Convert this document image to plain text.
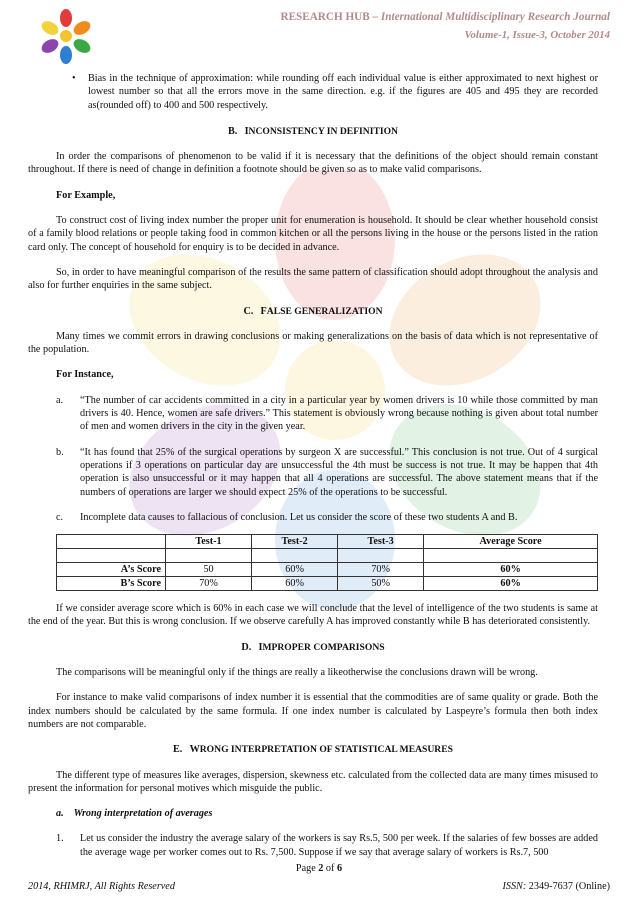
RESEARCH HUB – International Multidisciplinary Research Journal
Volume-1, Issue-3, October 2014

• Bias in the technique of approximation: while rounding off each individual value is either approximated to next highest or lowest number so that all the errors move in the same direction. e.g. if the figures are 405 and 495 they are recorded as(rounded off) to 400 and 500 respectively.

B. INCONSISTENCY IN DEFINITION

In order the comparisons of phenomenon to be valid if it is necessary that the definitions of the object should remain constant throughout. If there is need of change in definition a footnote should be given so as to make valid comparisons.

For Example,

To construct cost of living index number the proper unit for enumeration is household. It should be clear whether household consist of a family blood relations or people taking food in common kitchen or all the persons living in the house or the persons listed in the ration card only. The concept of household for enquiry is to be decided in advance.

So, in order to have meaningful comparison of the results the same pattern of classification should adopt throughout the analysis and also for further enquiries in the same subject.

C. FALSE GENERALIZATION

Many times we commit errors in drawing conclusions or making generalizations on the basis of data which is not representative of the population.

For Instance,

a. “The number of car accidents committed in a city in a particular year by women drivers is 10 while those committed by man drivers is 40. Hence, women are safe drivers.” This statement is obviously wrong because nothing is given about total number of men and women drivers in the city in the given year.

b. “It has found that 25% of the surgical operations by surgeon X are successful.” This conclusion is not true. Out of 4 surgical operations if 3 operations on particular day are unsuccessful the 4th must be success is not true. It may be happen that 4th operation is also unsuccessful or it may happen that all 4 operations are successful. The above statement means that if the numbers of operations are larger we should expect 25% of the operations to be successful.

c. Incomplete data causes to fallacious of conclusion. Let us consider the score of these two students A and B.

	Test-1	Test-2	Test-3	Average Score

A’s Score	50	60%	70%	60%
B’s Score	70%	60%	50%	60%

If we consider average score which is 60% in each case we will conclude that the level of intelligence of the two students is same at the end of the year. But this is wrong conclusion. If we observe carefully A has improved constantly while B has deteriorated consistently.

D. IMPROPER COMPARISONS

The comparisons will be meaningful only if the things are really a likeotherwise the conclusions drawn will be wrong.

For instance to make valid comparisons of index number it is essential that the commodities are of same quality or grade. Both the index numbers should be calculated by the same formula. If one index number is calculated by Laspeyre’s formula then both index numbers are not comparable.

E. WRONG INTERPRETATION OF STATISTICAL MEASURES

The different type of measures like averages, dispersion, skewness etc. calculated from the collected data are many times misused to present the information for personal motives which misguide the public.

a.    Wrong interpretation of averages

1. Let us consider the industry the average salary of the workers is say Rs.5, 500 per week. If the salaries of few bosses are added the average wage per worker comes out to Rs. 7,500. Suppose if we say that average salary of workers is Rs.7, 500

Page 2 of 6
2014, RHIMRJ, All Rights Reserved	ISSN: 2349-7637 (Online)
